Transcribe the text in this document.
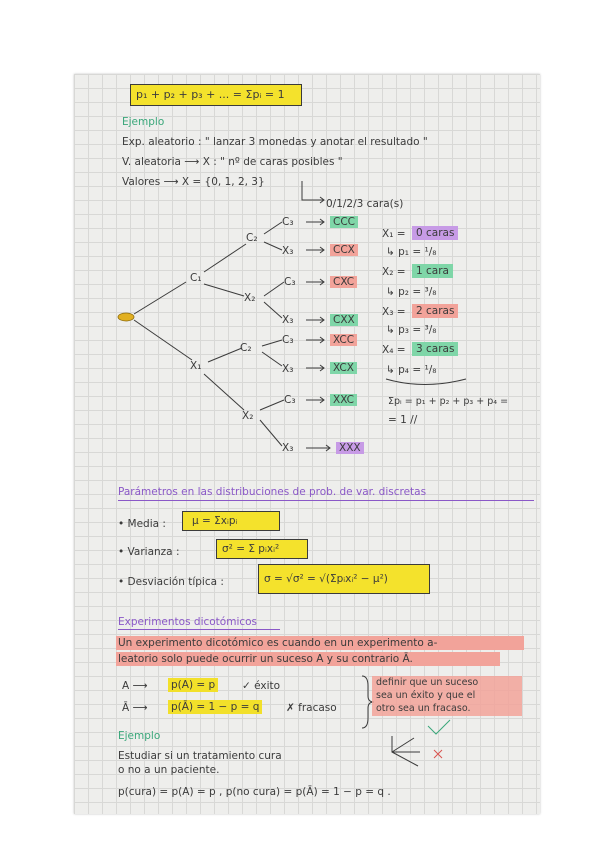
p₁ + p₂ + p₃ + ... = Σpᵢ = 1
Ejemplo
Exp. aleatorio : " lanzar 3 monedas y anotar el resultado "
V. aleatoria ⟶ X : " nº de caras posibles "
Valores ⟶ X = {0, 1, 2, 3}
0/1/2/3 cara(s)
C₁
X₁
C₂
X₂
C₂
X₂
C₃
X₃
C₃
X₃
C₃
X₃
C₃
X₃
CCC
CCX
CXC
CXX
XCC
XCX
XXC
XXX
X₁ = 0 caras
↳ p₁ = ¹/₈
X₂ = 1 cara
↳ p₂ = ³/₈
X₃ = 2 caras
↳ p₃ = ³/₈
X₄ = 3 caras
↳ p₄ = ¹/₈
Σpᵢ = p₁ + p₂ + p₃ + p₄ =
= 1 //
Parámetros en las distribuciones de prob. de var. discretas
• Media : μ = Σxᵢpᵢ
• Varianza :	σ² = Σ pᵢxᵢ²
• Desviación típica :	σ = √σ² = √(Σpᵢxᵢ² − μ²)
Experimentos dicotómicos
Un experimento dicotómico es cuando en un experimento a-
leatorio solo puede ocurrir un suceso A y su contrario Ā.
A ⟶ p(A) = p	✓ éxito
Ā ⟶ p(Ā) = 1 − p = q	✗ fracaso
definir que un suceso
sea un éxito y que el
otro sea un fracaso.
Ejemplo
Estudiar si un tratamiento cura
o no a un paciente.
p(cura) = p(A) = p , p(no cura) = p(Ā) = 1 − p = q .
